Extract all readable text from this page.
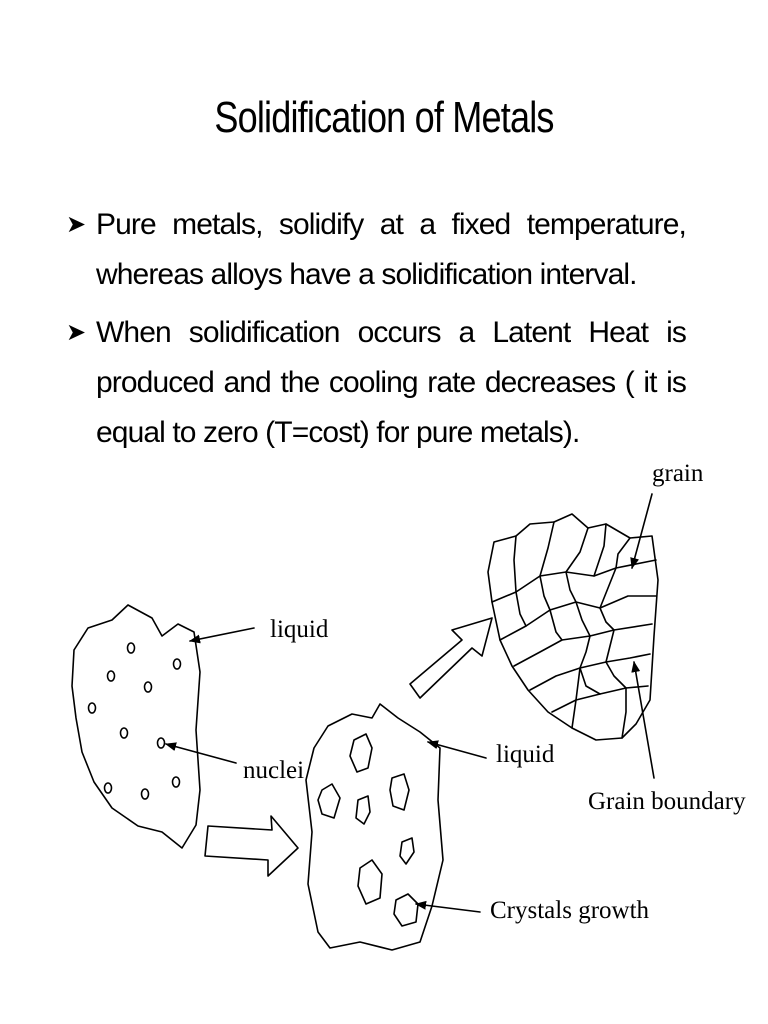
Solidification of Metals
➤ Pure metals, solidify at a fixed temperature, whereas alloys have a solidification interval.
➤ When solidification occurs a Latent Heat is produced and the cooling rate decreases ( it is equal to zero (T=cost) for pure metals).
liquid
nuclei
liquid
Crystals growth
grain
Grain boundary
